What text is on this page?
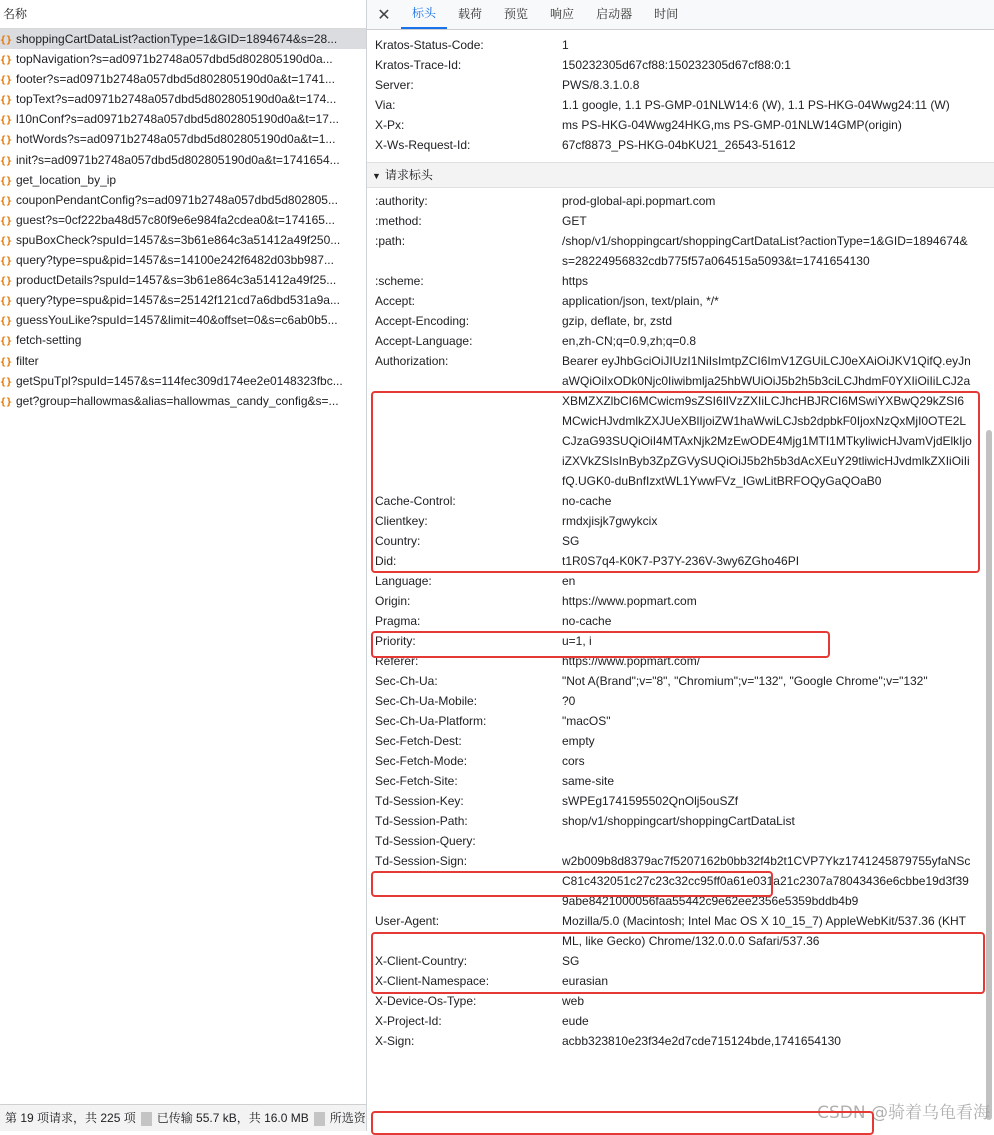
名称
{} shoppingCartDataList?actionType=1&GID=1894674&s=28...
{} topNavigation?s=ad0971b2748a057dbd5d802805190d0a...
{} footer?s=ad0971b2748a057dbd5d802805190d0a&t=1741...
{} topText?s=ad0971b2748a057dbd5d802805190d0a&t=174...
{} l10nConf?s=ad0971b2748a057dbd5d802805190d0a&t=17...
{} hotWords?s=ad0971b2748a057dbd5d802805190d0a&t=1...
{} init?s=ad0971b2748a057dbd5d802805190d0a&t=1741654...
{} get_location_by_ip
{} couponPendantConfig?s=ad0971b2748a057dbd5d802805...
{} guest?s=0cf222ba48d57c80f9e6e984fa2cdea0&t=174165...
{} spuBoxCheck?spuId=1457&s=3b61e864c3a51412a49f250...
{} query?type=spu&pid=1457&s=14100e242f6482d03bb987...
{} productDetails?spuId=1457&s=3b61e864c3a51412a49f25...
{} query?type=spu&pid=1457&s=25142f121cd7a6dbd531a9a...
{} guessYouLike?spuId=1457&limit=40&offset=0&s=c6ab0b5...
{} fetch-setting
{} filter
{} getSpuTpl?spuId=1457&s=114fec309d174ee2e0148323fbc...
{} get?group=hallowmas&alias=hallowmas_candy_config&s=...
第 19 项请求，共 225 项 已传输 55.7 kB，共 16.0 MB 所选资
✕	标头	载荷	预览	响应	启动器	时间
Kratos-Status-Code:	1
Kratos-Trace-Id:	150232305d67cf88:150232305d67cf88:0:1
Server:	PWS/8.3.1.0.8
Via:	1.1 google, 1.1 PS-GMP-01NLW14:6 (W), 1.1 PS-HKG-04Wwg24:11 (W)
X-Px:	ms PS-HKG-04Wwg24HKG,ms PS-GMP-01NLW14GMP(origin)
X-Ws-Request-Id:	67cf8873_PS-HKG-04bKU21_26543-51612
▼ 请求标头
:authority:	prod-global-api.popmart.com
:method:	GET
:path:	/shop/v1/shoppingcart/shoppingCartDataList?actionType=1&GID=1894674&s=28224956832cdb775f57a064515a5093&t=1741654130
:scheme:	https
Accept:	application/json, text/plain, */*
Accept-Encoding:	gzip, deflate, br, zstd
Accept-Language:	en,zh-CN;q=0.9,zh;q=0.8
Authorization:	Bearer eyJhbGciOiJIUzI1NiIsImtpZCI6ImV1ZGUiLCJ0eXAiOiJKV1QifQ.eyJnaWQiOiIxODk0Njc0Iiwibmlja25hbWUiOiJ5b2h5b3ciLCJhdmF0YXIiOiIiLCJ2aXBMZXZlbCI6MCwicm9sZSI6IlVzZXIiLCJhcHBJRCI6MSwiYXBwQ29kZSI6MCwicHJvdmlkZXJUeXBlIjoiZW1haWwiLCJsb2dpbkF0IjoxNzQxMjI0OTE2LCJzaG93SUQiOiI4MTAxNjk2MzEwODE4Mjg1MTI1MTkyliwicHJvamVjdElkIjoiZXVkZSIsInByb3ZpZGVySUQiOiJ5b2h5b3dAcXEuY29tliwicHJvdmlkZXIiOiIifQ.UGK0-duBnfIzxtWL1YwwFVz_IGwLitBRFOQyGaQOaB0
Cache-Control:	no-cache
Clientkey:	rmdxjisjk7gwykcix
Country:	SG
Did:	t1R0S7q4-K0K7-P37Y-236V-3wy6ZGho46PI
Language:	en
Origin:	https://www.popmart.com
Pragma:	no-cache
Priority:	u=1, i
Referer:	https://www.popmart.com/
Sec-Ch-Ua:	"Not A(Brand";v="8", "Chromium";v="132", "Google Chrome";v="132"
Sec-Ch-Ua-Mobile:	?0
Sec-Ch-Ua-Platform:	"macOS"
Sec-Fetch-Dest:	empty
Sec-Fetch-Mode:	cors
Sec-Fetch-Site:	same-site
Td-Session-Key:	sWPEg1741595502QnOlj5ouSZf
Td-Session-Path:	shop/v1/shoppingcart/shoppingCartDataList
Td-Session-Query:
Td-Session-Sign:	w2b009b8d8379ac7f5207162b0bb32f4b2t1CVP7Ykz1741245879755yfaNScC81c432051c27c23c32cc95ff0a61e031a21c2307a78043436e6cbbe19d3f399abe8421000056faa55442c9e62ee2356e5359bddb4b9
User-Agent:	Mozilla/5.0 (Macintosh; Intel Mac OS X 10_15_7) AppleWebKit/537.36 (KHTML, like Gecko) Chrome/132.0.0.0 Safari/537.36
X-Client-Country:	SG
X-Client-Namespace:	eurasian
X-Device-Os-Type:	web
X-Project-Id:	eude
X-Sign:	acbb323810e23f34e2d7cde715124bde,1741654130
CSDN @骑着乌龟看海
